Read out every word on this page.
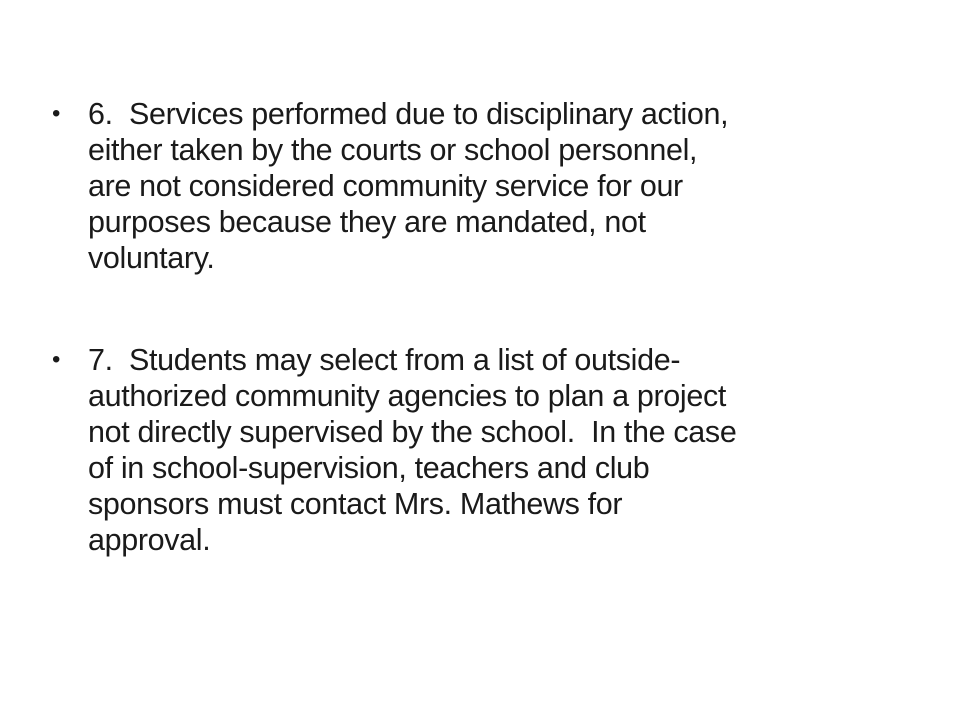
• 6.  Services performed due to disciplinary action,
either taken by the courts or school personnel,
are not considered community service for our
purposes because they are mandated, not
voluntary.
• 7.  Students may select from a list of outside-
authorized community agencies to plan a project
not directly supervised by the school.  In the case
of in school-supervision, teachers and club
sponsors must contact Mrs. Mathews for
approval.
